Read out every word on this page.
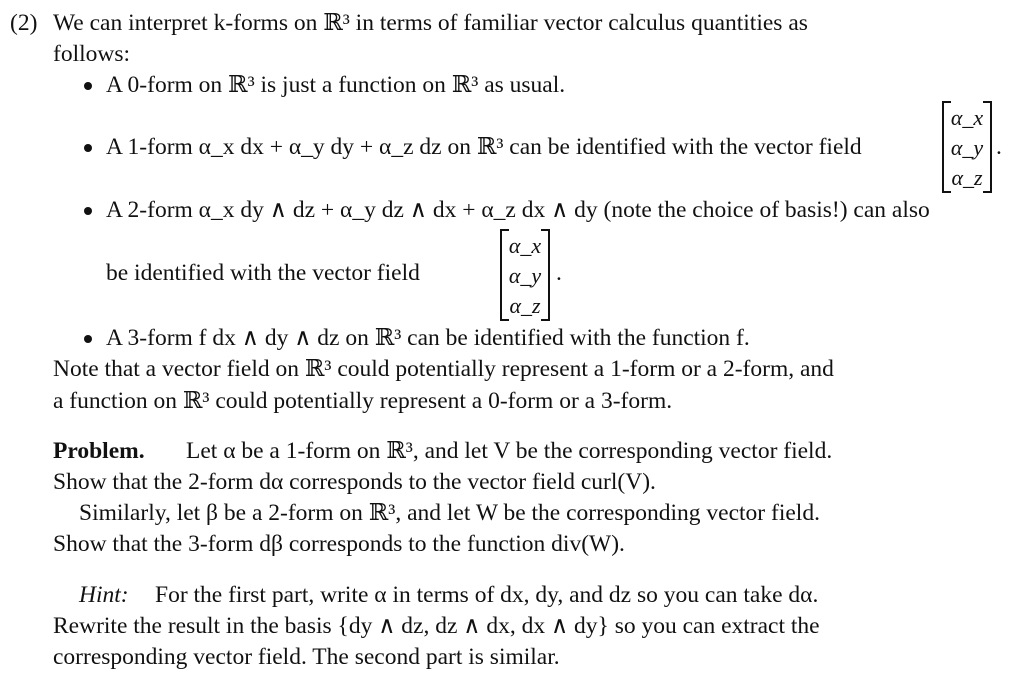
(2) We can interpret k-forms on ℝ³ in terms of familiar vector calculus quantities as
follows:
A 0-form on ℝ³ is just a function on ℝ³ as usual.
A 1-form α_x dx + α_y dy + α_z dz on ℝ³ can be identified with the vector field
α_x
α_y
α_z
.
A 2-form α_x dy ∧ dz + α_y dz ∧ dx + α_z dx ∧ dy (note the choice of basis!) can also
be identified with the vector field
α_x
α_y
α_z
.
A 3-form f dx ∧ dy ∧ dz on ℝ³ can be identified with the function f.
Note that a vector field on ℝ³ could potentially represent a 1-form or a 2-form, and
a function on ℝ³ could potentially represent a 0-form or a 3-form.
Problem. Let α be a 1-form on ℝ³, and let V be the corresponding vector field.
Show that the 2-form dα corresponds to the vector field curl(V).
Similarly, let β be a 2-form on ℝ³, and let W be the corresponding vector field.
Show that the 3-form dβ corresponds to the function div(W).
Hint: For the first part, write α in terms of dx, dy, and dz so you can take dα.
Rewrite the result in the basis {dy ∧ dz, dz ∧ dx, dx ∧ dy} so you can extract the
corresponding vector field. The second part is similar.
